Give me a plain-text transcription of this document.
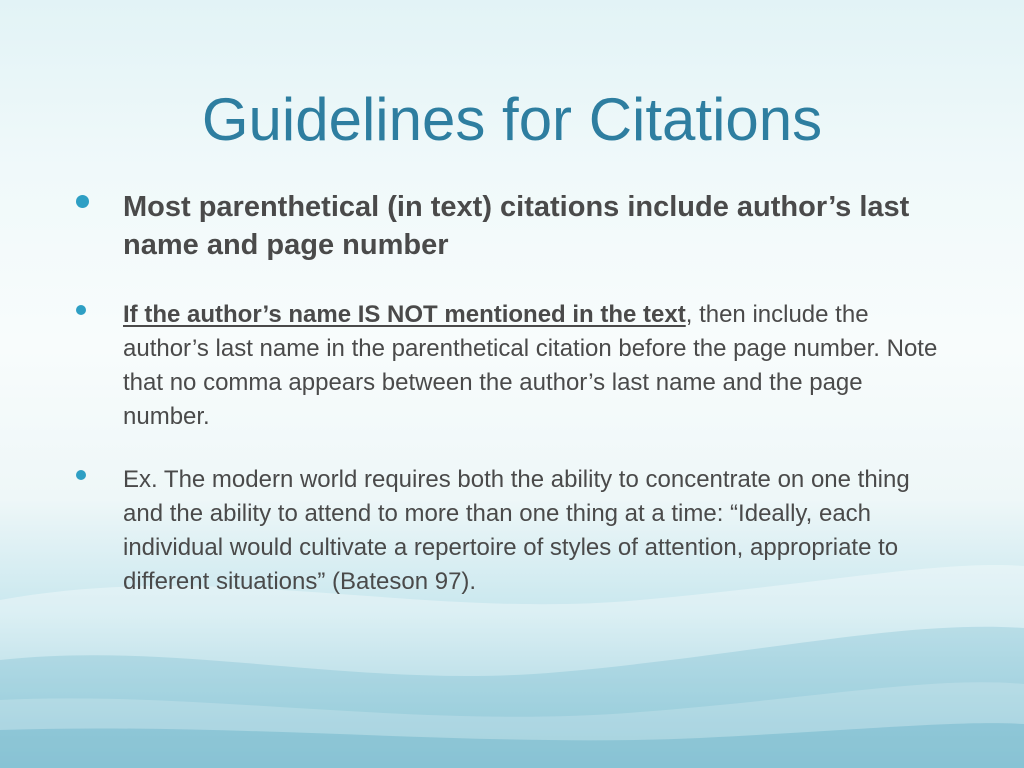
Guidelines for Citations
Most parenthetical (in text) citations include author’s last name and page number
If the author’s name IS NOT mentioned in the text, then include the author’s last name in the parenthetical citation before the page number. Note that no comma appears between the author’s last name and the page number.
Ex. The modern world requires both the ability to concentrate on one thing and the ability to attend to more than one thing at a time: “Ideally, each individual would cultivate a repertoire of styles of attention, appropriate to different situations” (Bateson 97).
